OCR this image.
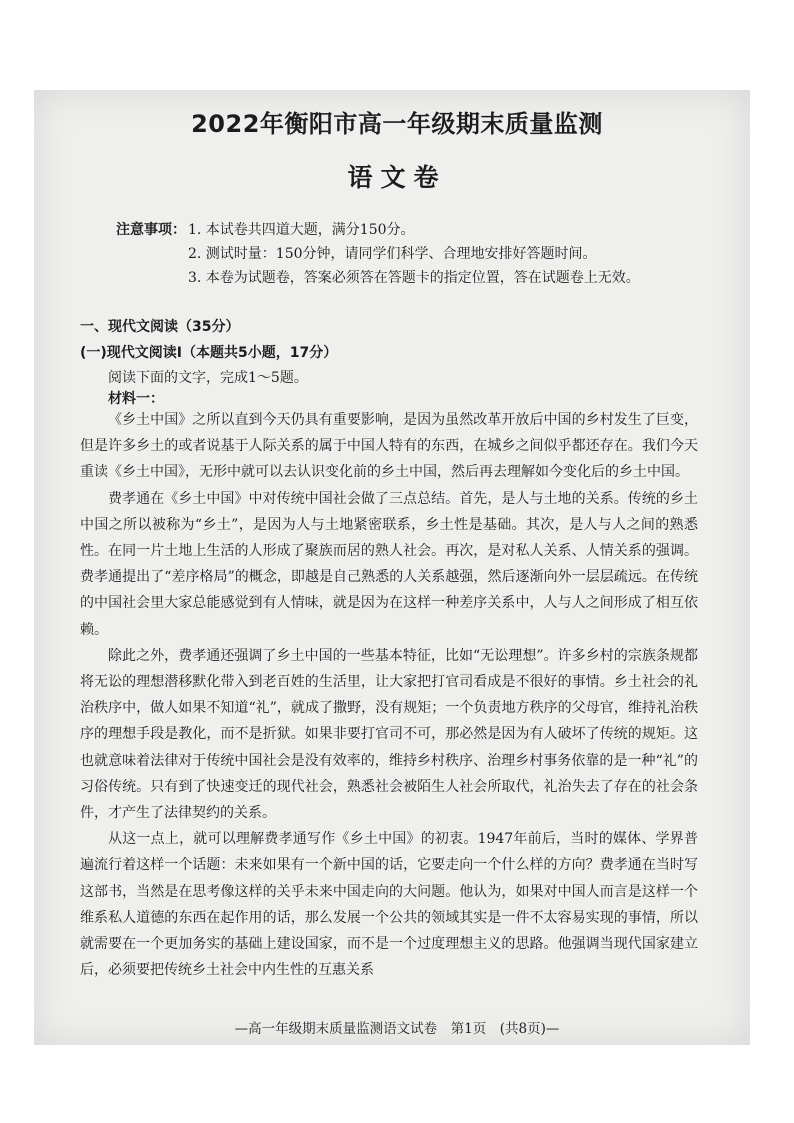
2022年衡阳市高一年级期末质量监测
语文卷
注意事项： 1. 本试卷共四道大题，满分150分。
2. 测试时量：150分钟，请同学们科学、合理地安排好答题时间。
3. 本卷为试题卷，答案必须答在答题卡的指定位置，答在试题卷上无效。
一、现代文阅读（35分）
(一)现代文阅读Ⅰ（本题共5小题，17分）
阅读下面的文字，完成1～5题。
材料一：

《乡土中国》之所以直到今天仍具有重要影响，是因为虽然改革开放后中国的乡村发生了巨变，但是许多乡土的或者说基于人际关系的属于中国人特有的东西，在城乡之间似乎都还存在。我们今天重读《乡土中国》，无形中就可以去认识变化前的乡土中国，然后再去理解如今变化后的乡土中国。

费孝通在《乡土中国》中对传统中国社会做了三点总结。首先，是人与土地的关系。传统的乡土中国之所以被称为“乡土”，是因为人与土地紧密联系，乡土性是基础。其次，是人与人之间的熟悉性。在同一片土地上生活的人形成了聚族而居的熟人社会。再次，是对私人关系、人情关系的强调。费孝通提出了“差序格局”的概念，即越是自己熟悉的人关系越强，然后逐渐向外一层层疏远。在传统的中国社会里大家总能感觉到有人情味，就是因为在这样一种差序关系中，人与人之间形成了相互依赖。

除此之外，费孝通还强调了乡土中国的一些基本特征，比如“无讼理想”。许多乡村的宗族条规都将无讼的理想潜移默化带入到老百姓的生活里，让大家把打官司看成是不很好的事情。乡土社会的礼治秩序中，做人如果不知道“礼”，就成了撒野，没有规矩；一个负责地方秩序的父母官，维持礼治秩序的理想手段是教化，而不是折狱。如果非要打官司不可，那必然是因为有人破坏了传统的规矩。这也就意味着法律对于传统中国社会是没有效率的，维持乡村秩序、治理乡村事务依靠的是一种“礼”的习俗传统。只有到了快速变迁的现代社会，熟悉社会被陌生人社会所取代，礼治失去了存在的社会条件，才产生了法律契约的关系。

从这一点上，就可以理解费孝通写作《乡土中国》的初衷。1947年前后，当时的媒体、学界普遍流行着这样一个话题：未来如果有一个新中国的话，它要走向一个什么样的方向？费孝通在当时写这部书，当然是在思考像这样的关乎未来中国走向的大问题。他认为，如果对中国人而言是这样一个维系私人道德的东西在起作用的话，那么发展一个公共的领域其实是一件不太容易实现的事情，所以就需要在一个更加务实的基础上建设国家，而不是一个过度理想主义的思路。他强调当现代国家建立后，必须要把传统乡土社会中内生性的互惠关系

—高一年级期末质量监测语文试卷　第1页　(共8页)—
